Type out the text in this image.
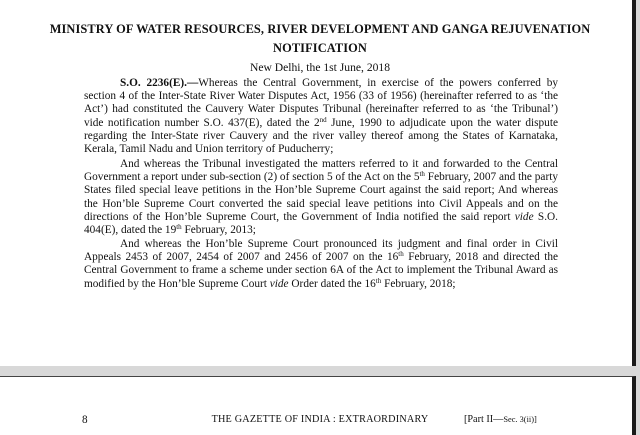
MINISTRY OF WATER RESOURCES, RIVER DEVELOPMENT AND GANGA REJUVENATION
NOTIFICATION
New Delhi, the 1st June, 2018
S.O. 2236(E).—Whereas the Central Government, in exercise of the powers conferred by section 4 of the Inter-State River Water Disputes Act, 1956 (33 of 1956) (hereinafter referred to as ‘the Act’) had constituted the Cauvery Water Disputes Tribunal (hereinafter referred to as ‘the Tribunal’) vide notification number S.O. 437(E), dated the 2nd June, 1990 to adjudicate upon the water dispute regarding the Inter-State river Cauvery and the river valley thereof among the States of Karnataka, Kerala, Tamil Nadu and Union territory of Puducherry;
And whereas the Tribunal investigated the matters referred to it and forwarded to the Central Government a report under sub-section (2) of section 5 of the Act on the 5th February, 2007 and the party States filed special leave petitions in the Hon’ble Supreme Court against the said report; And whereas the Hon’ble Supreme Court converted the said special leave petitions into Civil Appeals and on the directions of the Hon’ble Supreme Court, the Government of India notified the said report vide S.O. 404(E), dated the 19th February, 2013;
And whereas the Hon’ble Supreme Court pronounced its judgment and final order in Civil Appeals 2453 of 2007, 2454 of 2007 and 2456 of 2007 on the 16th February, 2018 and directed the Central Government to frame a scheme under section 6A of the Act to implement the Tribunal Award as modified by the Hon’ble Supreme Court vide Order dated the 16th February, 2018;
THE GAZETTE OF INDIA : EXTRAORDINARY
8	[Part II—Sec. 3(ii)]
